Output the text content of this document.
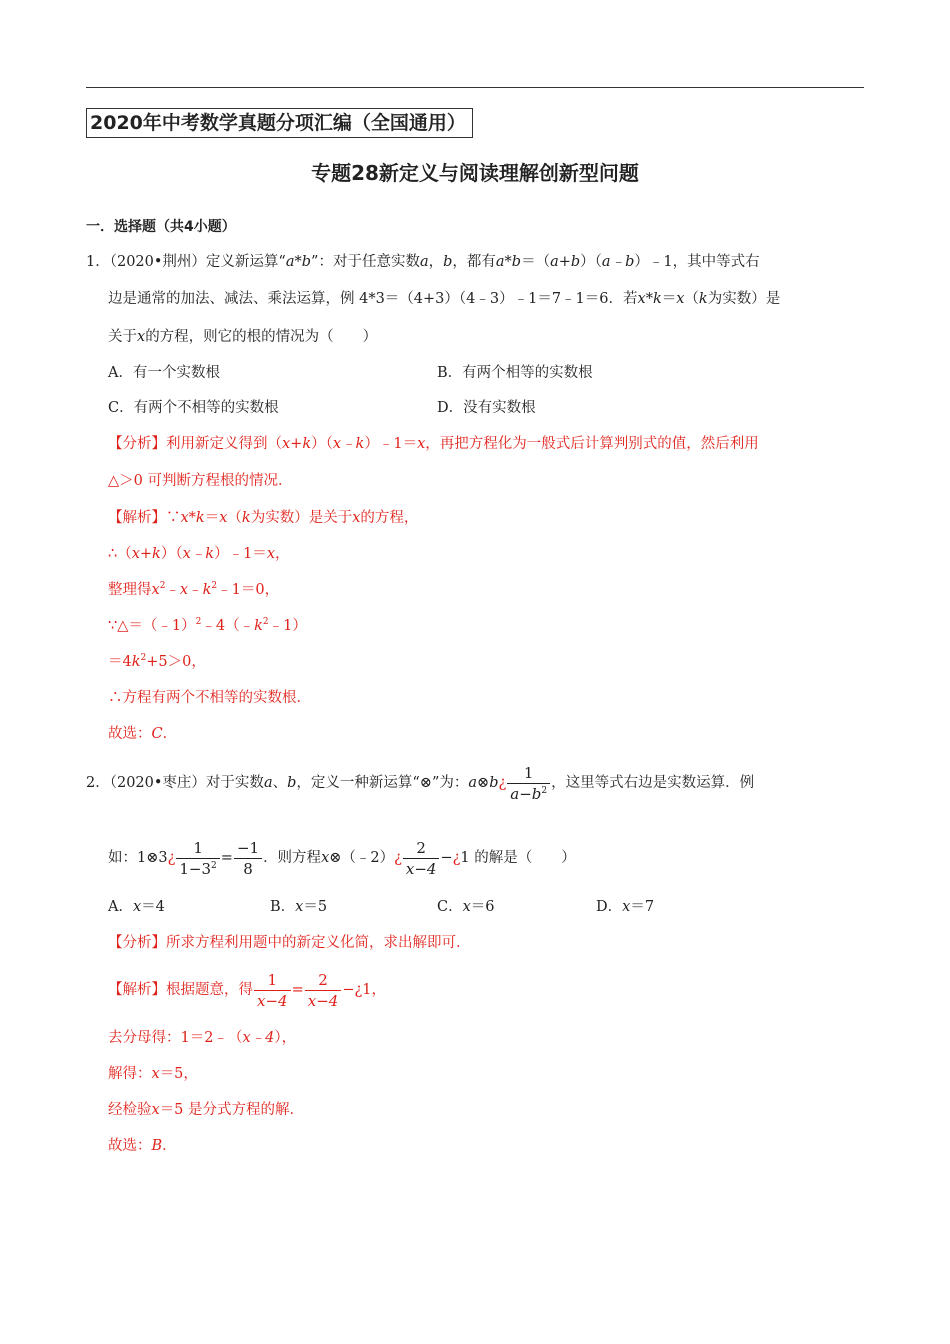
2020年中考数学真题分项汇编（全国通用）
专题28新定义与阅读理解创新型问题
一．选择题（共4小题）
1．（2020•荆州）定义新运算“a*b”：对于任意实数a，b，都有a*b＝（a+b）（a﹣b）﹣1，其中等式右
边是通常的加法、减法、乘法运算，例 4*3＝（4+3）（4﹣3）﹣1＝7﹣1＝6．若x*k＝x（k为实数）是
关于x的方程，则它的根的情况为（　　）
A．有一个实数根	B．有两个相等的实数根
C．有两个不相等的实数根	D．没有实数根
【分析】利用新定义得到（x+k）（x﹣k）﹣1＝x，再把方程化为一般式后计算判别式的值，然后利用
△＞0 可判断方程根的情况．
【解析】∵x*k＝x（k为实数）是关于x的方程，
∴（x+k）（x﹣k）﹣1＝x，
整理得$x^2﹣x﹣k^2﹣1=0$，
$\because\triangle=(﹣1)^2﹣4(﹣k^2﹣1)$
$=4k^2+5>0$，
∴方程有两个不相等的实数根．
故选：C．
2．（2020•枣庄）对于实数a、b，定义一种新运算“⊗”为：a⊗b¿ $\frac{1}{a-b^2}$ ，这里等式右边是实数运算．例
如：1⊗3¿ $\frac{1}{1-3^2} = \frac{-1}{8}$ ．则方程x⊗（﹣2）¿ $\frac{2}{x-4}$ −¿1 的解是（　　）
A．x＝4	B．x＝5	C．x＝6	D．x＝7
【分析】所求方程利用题中的新定义化简，求出解即可．
【解析】根据题意，得 $\frac{1}{x-4} = \frac{2}{x-4}$ −¿1，
去分母得：1＝2﹣（x﹣4），
解得：x＝5，
经检验x＝5 是分式方程的解．
故选：B．
